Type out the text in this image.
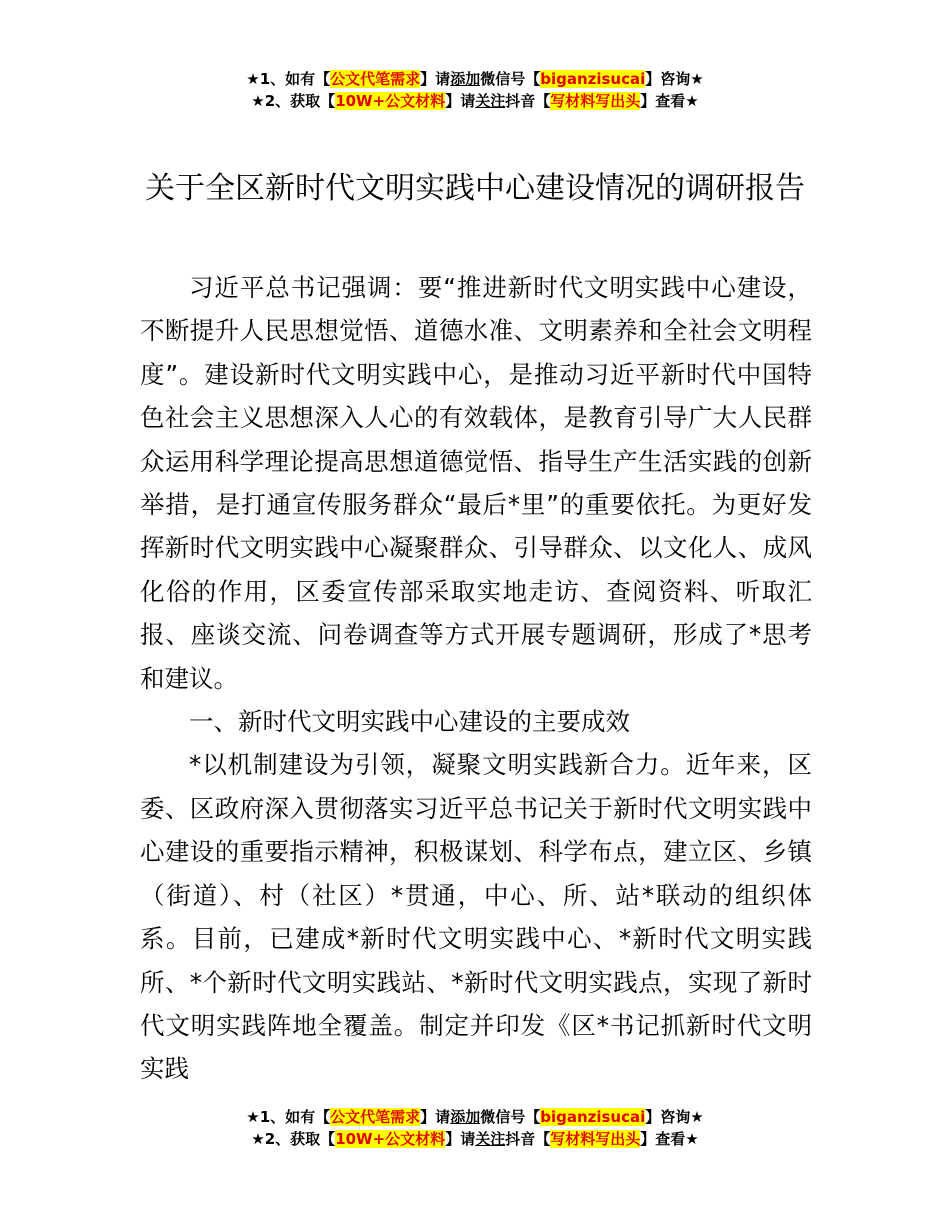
★1、如有【公文代笔需求】请添加微信号【biganzisucai】咨询★
★2、获取【10W+公文材料】请关注抖音【写材料写出头】查看★
关于全区新时代文明实践中心建设情况的调研报告

习近平总书记强调：要“推进新时代文明实践中心建设，不断提升人民思想觉悟、道德水准、文明素养和全社会文明程度”。建设新时代文明实践中心，是推动习近平新时代中国特色社会主义思想深入人心的有效载体，是教育引导广大人民群众运用科学理论提高思想道德觉悟、指导生产生活实践的创新举措，是打通宣传服务群众“最后*里”的重要依托。为更好发挥新时代文明实践中心凝聚群众、引导群众、以文化人、成风化俗的作用，区委宣传部采取实地走访、查阅资料、听取汇报、座谈交流、问卷调查等方式开展专题调研，形成了*思考和建议。

一、新时代文明实践中心建设的主要成效

*以机制建设为引领，凝聚文明实践新合力。近年来，区委、区政府深入贯彻落实习近平总书记关于新时代文明实践中心建设的重要指示精神，积极谋划、科学布点，建立区、乡镇（街道）、村（社区）*贯通，中心、所、站*联动的组织体系。目前，已建成*新时代文明实践中心、*新时代文明实践所、*个新时代文明实践站、*新时代文明实践点，实现了新时代文明实践阵地全覆盖。制定并印发《区*书记抓新时代文明实践

★1、如有【公文代笔需求】请添加微信号【biganzisucai】咨询★
★2、获取【10W+公文材料】请关注抖音【写材料写出头】查看★
